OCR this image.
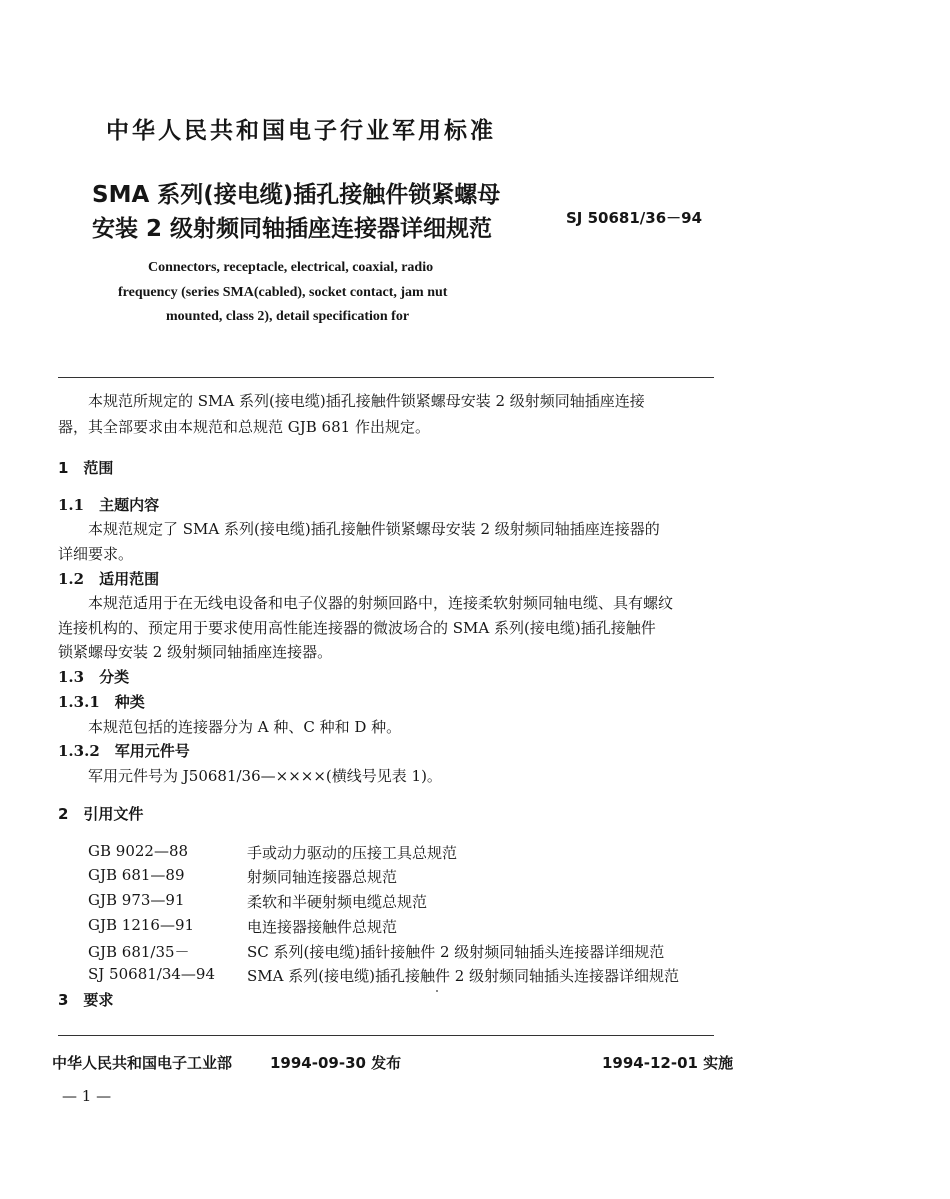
中华人民共和国电子行业军用标准
SMA 系列(接电缆)插孔接触件锁紧螺母
安装 2 级射频同轴插座连接器详细规范	SJ 50681/36－94
Connectors, receptacle, electrical, coaxial, radio
frequency (series SMA(cabled), socket contact, jam nut
mounted, class 2), detail specification for
本规范所规定的 SMA 系列(接电缆)插孔接触件锁紧螺母安装 2 级射频同轴插座连接
器，其全部要求由本规范和总规范 GJB 681 作出规定。
1　范围
1.1　主题内容
本规范规定了 SMA 系列(接电缆)插孔接触件锁紧螺母安装 2 级射频同轴插座连接器的
详细要求。
1.2　适用范围
本规范适用于在无线电设备和电子仪器的射频回路中，连接柔软射频同轴电缆、具有螺纹
连接机构的、预定用于要求使用高性能连接器的微波场合的 SMA 系列(接电缆)插孔接触件
锁紧螺母安装 2 级射频同轴插座连接器。
1.3　分类
1.3.1　种类
本规范包括的连接器分为 A 种、C 种和 D 种。
1.3.2　军用元件号
军用元件号为 J50681/36—××××(横线号见表 1)。
2　引用文件
GB 9022—88	手或动力驱动的压接工具总规范
GJB 681—89	射频同轴连接器总规范
GJB 973—91	柔软和半硬射频电缆总规范
GJB 1216—91	电连接器接触件总规范
GJB 681/35－	SC 系列(接电缆)插针接触件 2 级射频同轴插头连接器详细规范
SJ 50681/34—94 SMA 系列(接电缆)插孔接触件 2 级射频同轴插头连接器详细规范
3　要求
中华人民共和国电子工业部	1994-09-30 发布	1994-12-01 实施
— 1 —
